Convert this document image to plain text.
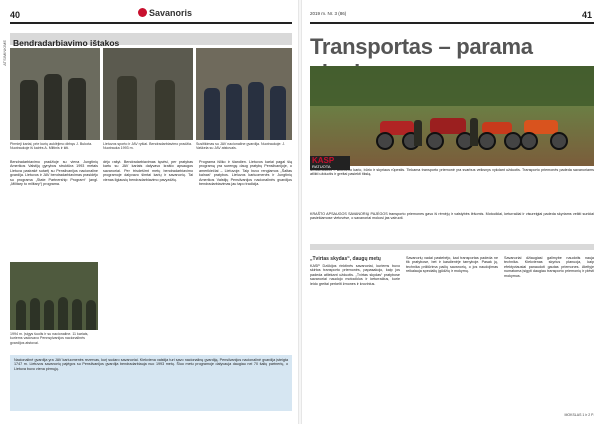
40	Savanoris
ATSIMINKIME Bendradarbiavimo ištakos
Pirmieji kariai, prie kurių auklėjimo dirbęs J. Bukota. Nuotraukoje iš kairės A. Miltinis ir kiti.
Lietuvos sporto ir JAV ryšiai. Bendradarbiavimo pradžia. Nuotrauka 1993 m.
Susitikimas su JAV nacionaline gvardija. Nuotraukoje: J. Vaškela su JAV atstovais.
Bendradarbiavimo pradžioje su viena Jungtinių Amerikos Valstijų gynybos struktūra 1993 metais Lietuva pasirašė sutartį su Pensilvanijos nacionaline gvardija. Lietuvos ir JAV bendradarbiavimas prasidėjo su programa „State Partnership Program“ (angl. „Military to military“) programa.
dėjo rašyt. Bendradarbiavimas tęsėsi, per pratybas kartu su JAV kariais dalyvavo krašto apsaugos savanoriai. Per trisdešimt metų bendradarbiavimo programoje dalyvavo šimtai karių ir savanorių. Tai vienas ilgiausių bendradarbiavimo pavyzdžių.
Programa išliko ir šiandien. Lietuvos kariai pagal šią programą yra surengę daug pratybų Pensilvanijoje, o amerikiečiai – Lietuvoje. Taip buvo rengiamos „Šaltas kalnas“ pratybos. Lietuvos kariuomenės ir Jungtinių Amerikos Valstijų Pensilvanijos nacionalinės gvardijos bendradarbiavimas jau tapo tradicija.
1994 m. Įsigys šuolis ir su nacionaline. 11 kariais, kuriems vadovavo Pennsylvanijos nacionalinės gvardijos atstovai.
Nacionalinė gvardija yra JAV kariuomenės rezervas, kurį sudaro savanoriai. Kiekviena valstija turi savo nacionalinę gvardiją. Pensilvanijos nacionalinė gvardija įsteigta 1747 m. Lietuvos savanorių pajėgos su Pensilvanijos gvardija bendradarbiauja nuo 1993 metų. Šiuo metu programoje dalyvauja daugiau nei 70 šalių partnerių, o Lietuva buvo viena pirmųjų.
2019 m. Nr. 3 (86)	41
Transportas – parama
KASP
RATUOTA
MOBILUMAS – kiekvieno kario, būrio ir skyriaus rūpestis. Tinkama transporto priemonė yra svarbus veiksnys vykdant užduotis. Transporto priemonės padeda savanoriams atlikti užduotis ir greitai pasiekti tikslą.
KRAŠTO APSAUGOS SAVANORIŲ PAJĖGOS transporto priemones gavo iš rėmėjų ir valstybės lėšomis. Motociklai, keturračiai ir visureigiai padeda skyriams veikti sunkiai pasiekiamose vietovėse, o savanoriai mokosi jas vairuoti.
„Tvirtas skydas“, daugų metų
KASP Dzūkijos rinktinės savanoriai, kuriems buvo skirtos transporto priemonės, papasakojo, kaip jos padeda atliekant užduotis. „Tvirtas skydas“ pratybose savanoriai naudojo motociklus ir keturračius, kurie leido greitai perkelti žmones ir krovinius.
Savanorių vadai pastebėjo, kad transportas padeda ne tik pratybose, bet ir kasdienėje tarnyboje. Pasak jų, technika prižiūrima pačių savanorių, o jos naudojimas reikalauja specialių įgūdžių ir mokymų.
Savanoriai džiaugiasi galimybe naudotis nauja technika. Kiekvienas skyrius planuoja, kaip efektyviausiai panaudoti gautas priemones. Ateityje numatoma įsigyti daugiau transporto priemonių ir plėsti mokymus.
MOKSLAS 1 ir 2 P.
